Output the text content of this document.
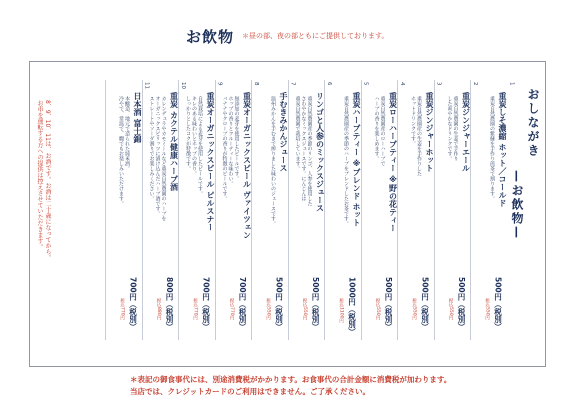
お飲物 ＊昼の部、夜の部ともにご提供しております。
おしながき
—お飲物—
1
重炭しそ濃縮 ホット／コールド
重炭自然農園の紫蘇を手作り煎茶で割ります。
500円（税別）
税込550円
2
重炭ジンジャーエール
重炭自然農園の生姜で手作り
した爽やかなドリンクです。
500円（税別）
税込550円
3
重炭ジンジャーホット
重炭自然農園産の生姜を手作りした
ホットドリンクです。
500円（税別）
税込550円
4
重炭ローハーブティー ※野の花ティー
重炭自然農園産のローハーブで
ハーブの香りを楽しめます。
500円（税別）
税込550円
5
重炭ハーブティー ※ブレンド ホット
重炭自然農園産の季節のハーブをブレンドしたお茶です。
1000円（税別）
税込1100円
6
リンゴと人参のミックスジュース
重炭自然農園産の季節のリンゴ、人参を使用した
さわやかなミックスジュースです。にんじんは
重炭自然農園で栽培しています。
500円（税別）
税込550円
7
手むきみかんジュース
温州みかんを手むきで搾りました味わいのジュースです。
500円（税別）
税込550円
8
重炭オーガニックスビール ヴァイツェン
無添加の麦芽を使用したビールです。
ホップの香りとフルーティーな味わい。
バナナやクローブの香りが特徴のビールです。
700円（税別）
税込770円
9
重炭オーガニックスビール ピルスナー
自然栽培による麦芽を使用したビールです。
キレのある味わいとホップの香り。
しっかりとしたコクが特徴です。
700円（税別）
税込770円
10
重炭 カクテル健康ハーブ酒
カレンデュラやカモミールなど重炭自然農園のハーブを
オーガニックスピリッツに漬け込んだハーブ酒です。
ストレートやソーダ割りでお楽しみください。
800円（税別）
税込880円
11
日本酒 富士錦
本醸造、地元で造られた純米酒。
冷やで、常温で、燗でもお楽しみいただけます。
700円（税別）
税込770円
8、9、10、11は、お酒です。お酒は二十歳になってから。
お車を運転する方への提供は控えさせていただきます。
＊表記の御食事代には、別途消費税がかかります。お食事代の合計金額に消費税が加わります。
当店では、クレジットカードのご利用はできません。ご了承ください。
